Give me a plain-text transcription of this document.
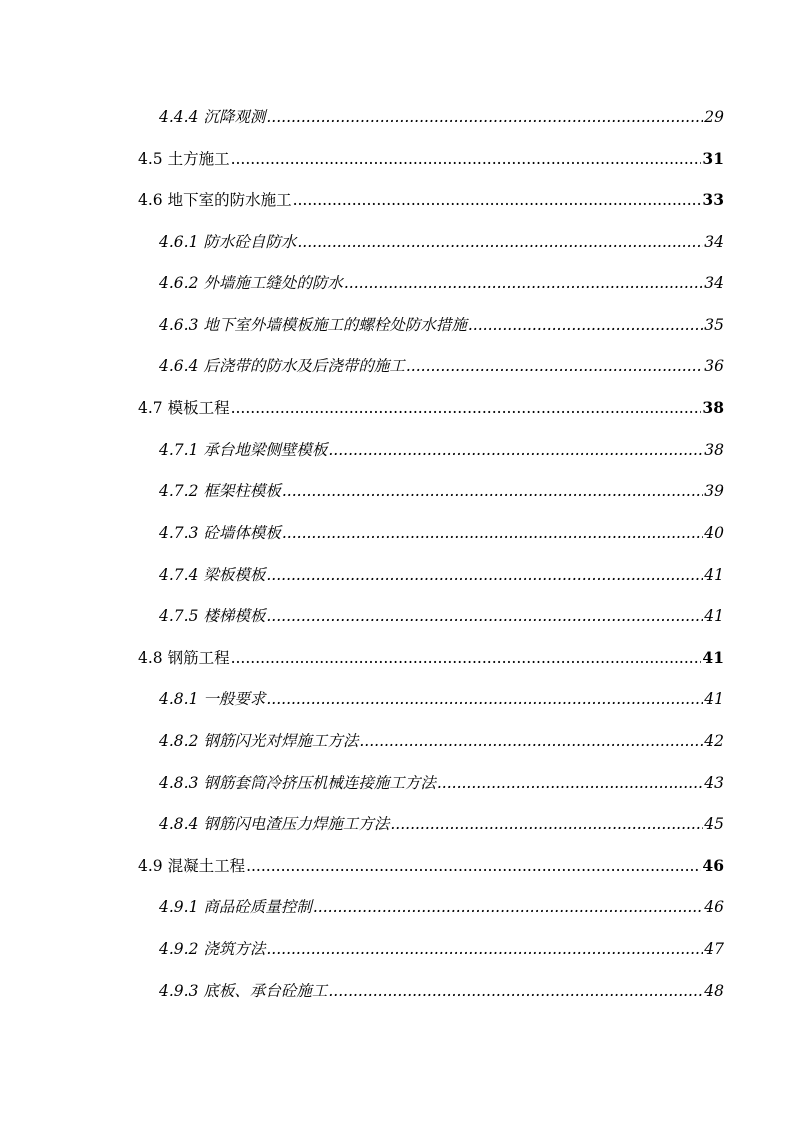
4.4.4 沉降观测 .....	29
4.5 土方施工 .....	31
4.6 地下室的防水施工 .....	33
4.6.1 防水砼自防水 .....	34
4.6.2 外墙施工缝处的防水 .....	34
4.6.3 地下室外墙模板施工的螺栓处防水措施 .....	35
4.6.4 后浇带的防水及后浇带的施工 .....	36
4.7 模板工程 .....	38
4.7.1 承台地梁侧壁模板 .....	38
4.7.2 框架柱模板 .....	39
4.7.3 砼墙体模板 .....	40
4.7.4 梁板模板 .....	41
4.7.5 楼梯模板 .....	41
4.8 钢筋工程 .....	41
4.8.1 一般要求 .....	41
4.8.2 钢筋闪光对焊施工方法 .....	42
4.8.3 钢筋套筒冷挤压机械连接施工方法 .....	43
4.8.4 钢筋闪电渣压力焊施工方法 .....	45
4.9 混凝土工程 .....	46
4.9.1 商品砼质量控制 .....	46
4.9.2 浇筑方法 .....	47
4.9.3 底板、承台砼施工 .....	48
